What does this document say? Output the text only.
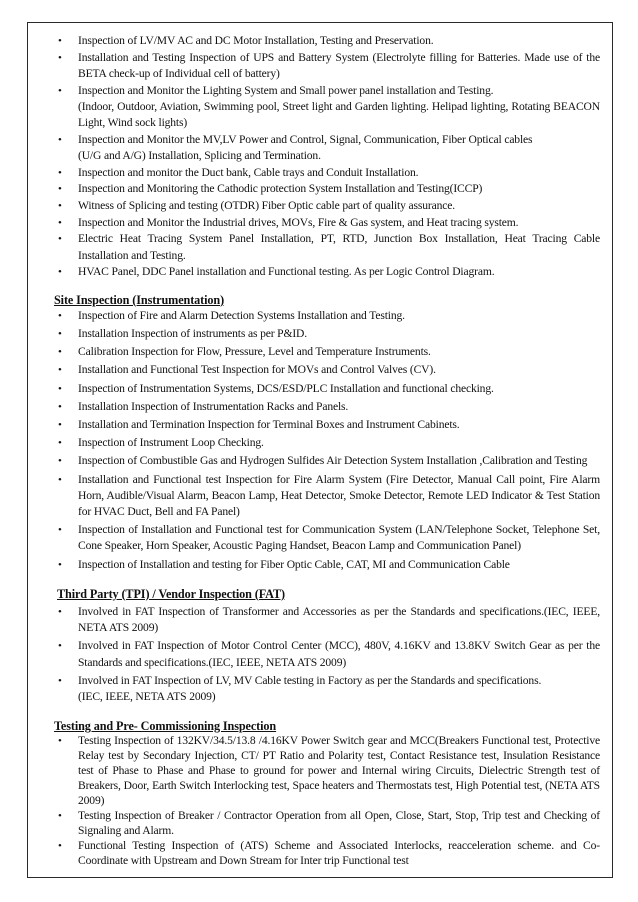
• Inspection of LV/MV AC and DC Motor Installation, Testing and Preservation.
• Installation and Testing Inspection of UPS and Battery System (Electrolyte filling for Batteries. Made use of the BETA check-up of Individual cell of battery)
• Inspection and Monitor the Lighting System and Small power panel installation and Testing.
(Indoor, Outdoor, Aviation, Swimming pool, Street light and Garden lighting. Helipad lighting, Rotating BEACON Light, Wind sock lights)
• Inspection and Monitor the MV,LV Power and Control, Signal, Communication, Fiber Optical cables
(U/G and A/G) Installation, Splicing and Termination.
• Inspection and monitor the Duct bank, Cable trays and Conduit Installation.
• Inspection and Monitoring the Cathodic protection System Installation and Testing(ICCP)
• Witness of Splicing and testing (OTDR) Fiber Optic cable part of quality assurance.
• Inspection and Monitor the Industrial drives, MOVs, Fire & Gas system, and Heat tracing system.
• Electric Heat Tracing System Panel Installation, PT, RTD, Junction Box Installation, Heat Tracing Cable Installation and Testing.
• HVAC Panel, DDC Panel installation and Functional testing. As per Logic Control Diagram.

Site Inspection (Instrumentation)

• Inspection of Fire and Alarm Detection Systems Installation and Testing.
• Installation Inspection of instruments as per P&ID.
• Calibration Inspection for Flow, Pressure, Level and Temperature Instruments.
• Installation and Functional Test Inspection for MOVs and Control Valves (CV).
• Inspection of Instrumentation Systems, DCS/ESD/PLC Installation and functional checking.
• Installation Inspection of Instrumentation Racks and Panels.
• Installation and Termination Inspection for Terminal Boxes and Instrument Cabinets.
• Inspection of Instrument Loop Checking.
• Inspection of Combustible Gas and Hydrogen Sulfides Air Detection System Installation ,Calibration and Testing
• Installation and Functional test Inspection for Fire Alarm System (Fire Detector, Manual Call point, Fire Alarm Horn, Audible/Visual Alarm, Beacon Lamp, Heat Detector, Smoke Detector, Remote LED Indicator & Test Station for HVAC Duct, Bell and FA Panel)
• Inspection of Installation and Functional test for Communication System (LAN/Telephone Socket, Telephone Set, Cone Speaker, Horn Speaker, Acoustic Paging Handset, Beacon Lamp and Communication Panel)
• Inspection of Installation and testing for Fiber Optic Cable, CAT, MI and Communication Cable

Third Party (TPI) / Vendor Inspection (FAT)

• Involved in FAT Inspection of Transformer and Accessories as per the Standards and specifications.(IEC, IEEE, NETA ATS 2009)
• Involved in FAT Inspection of Motor Control Center (MCC), 480V, 4.16KV and 13.8KV Switch Gear as per the Standards and specifications.(IEC, IEEE, NETA ATS 2009)
• Involved in FAT Inspection of LV, MV Cable testing in Factory as per the Standards and specifications.
(IEC, IEEE, NETA ATS 2009)

Testing and Pre- Commissioning Inspection

• Testing Inspection of 132KV/34.5/13.8 /4.16KV Power Switch gear and MCC(Breakers Functional test, Protective Relay test by Secondary Injection, CT/ PT Ratio and Polarity test, Contact Resistance test, Insulation Resistance test of Phase to Phase and Phase to ground for power and Internal wiring Circuits, Dielectric Strength test of Breakers, Door, Earth Switch Interlocking test, Space heaters and Thermostats test, High Potential test, (NETA ATS 2009)
• Testing Inspection of Breaker / Contractor Operation from all Open, Close, Start, Stop, Trip test and Checking of Signaling and Alarm.
• Functional Testing Inspection of (ATS) Scheme and Associated Interlocks, reacceleration scheme. and Co-Coordinate with Upstream and Down Stream for Inter trip Functional test
